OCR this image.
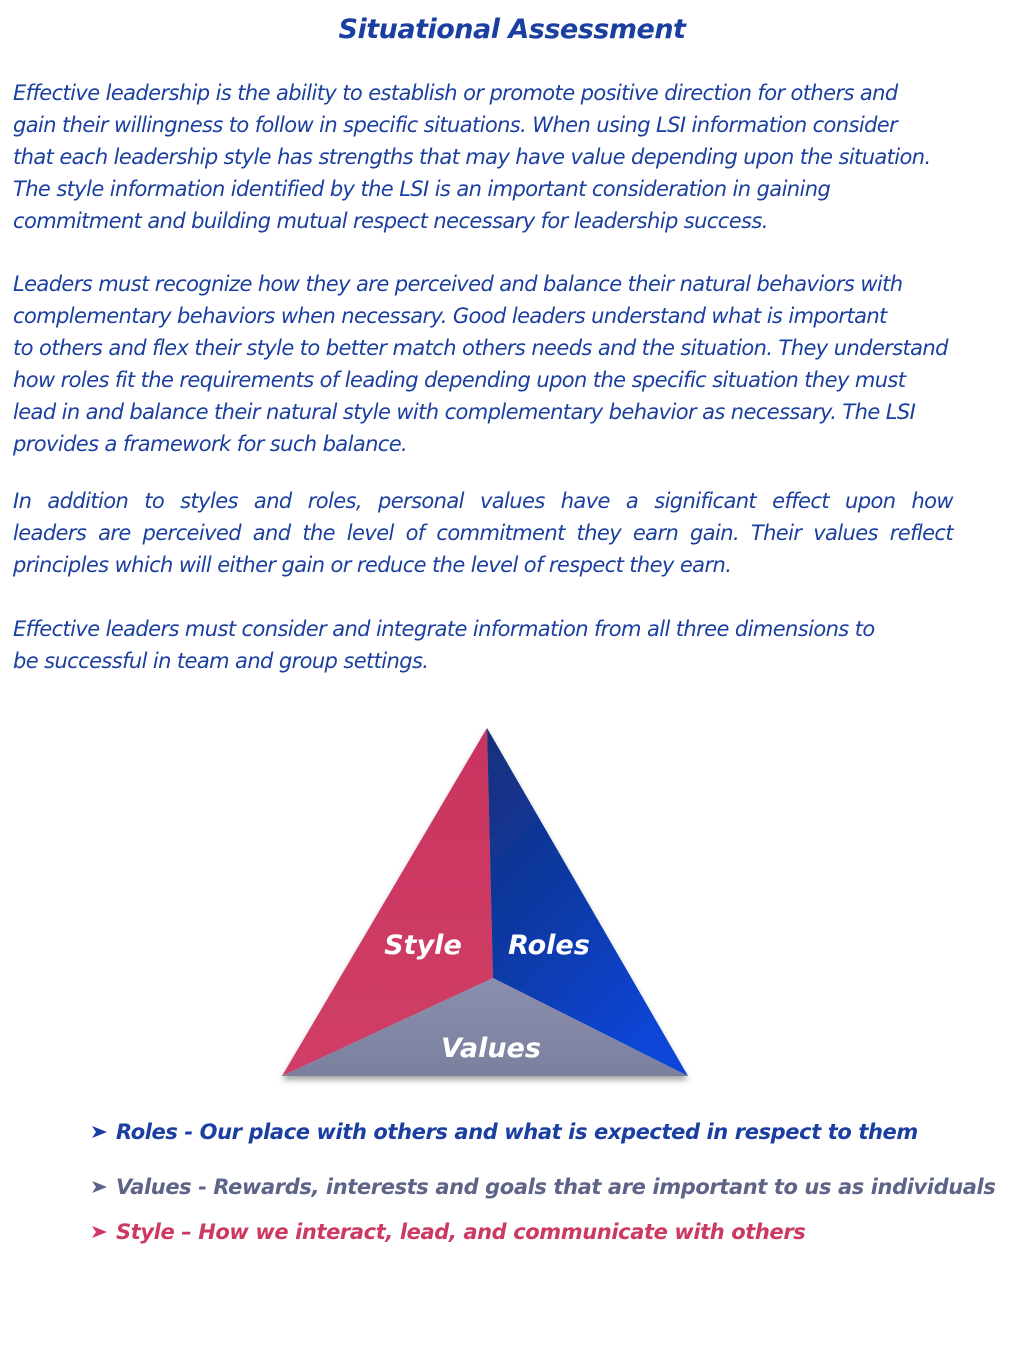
Situational Assessment
Effective leadership is the ability to establish or promote positive direction for others and
gain their willingness to follow in specific situations. When using LSI information consider
that each leadership style has strengths that may have value depending upon the situation.
The style information identified by the LSI is an important consideration in gaining
commitment and building mutual respect necessary for leadership success.
Leaders must recognize how they are perceived and balance their natural behaviors with
complementary behaviors when necessary. Good leaders understand what is important
to others and flex their style to better match others needs and the situation. They understand
how roles fit the requirements of leading depending upon the specific situation they must
lead in and balance their natural style with complementary behavior as necessary. The LSI
provides a framework for such balance.
In addition to styles and roles, personal values have a significant effect upon how
leaders are perceived and the level of commitment they earn gain. Their values reflect
principles which will either gain or reduce the level of respect they earn.
Effective leaders must consider and integrate information from all three dimensions to
be successful in team and group settings.
Style Roles
Values
Roles - Our place with others and what is expected in respect to them
Values - Rewards, interests and goals that are important to us as individuals
Style – How we interact, lead, and communicate with others
